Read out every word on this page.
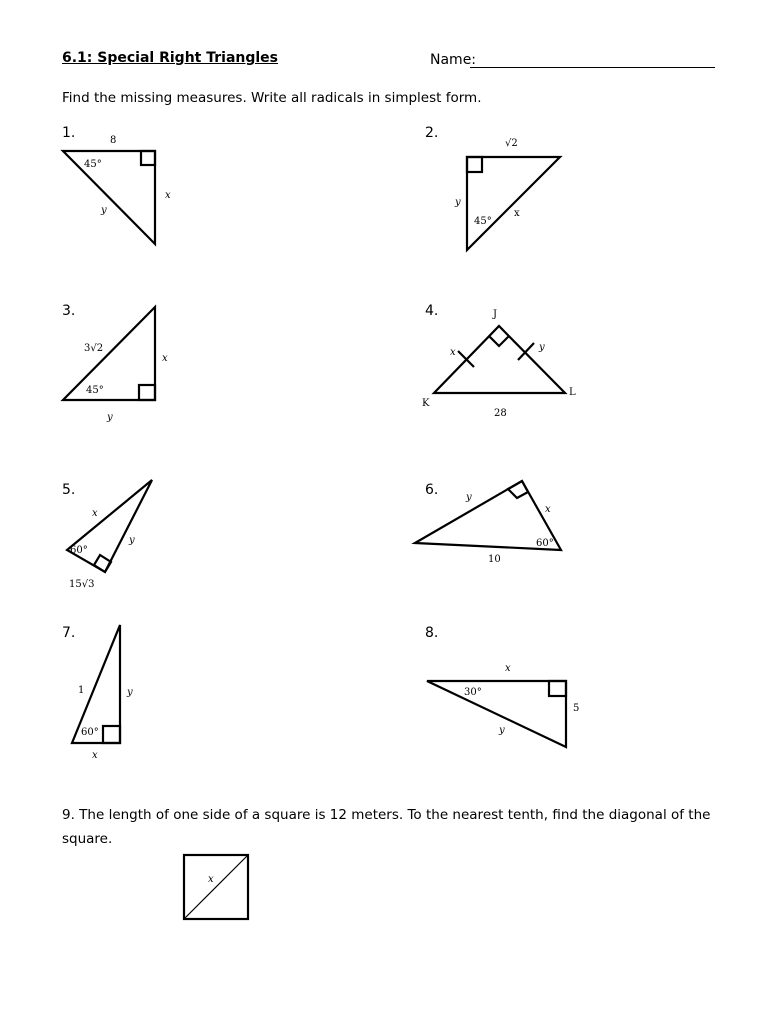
6.1: Special Right Triangles	Name:
Find the missing measures. Write all radicals in simplest form.
1.	2.
3.	4.
5.	6.
7.	8.
9. The length of one side of a square is 12 meters. To the nearest tenth, find the diagonal of the square.
8
45°
x
y
√2
y
x
45°
3√2
x
45°
y
J
x	y
K
L
28
x
y
60°
15√3
y
x
60°
10
1	y
60°
x
x
30°
5
y
x
